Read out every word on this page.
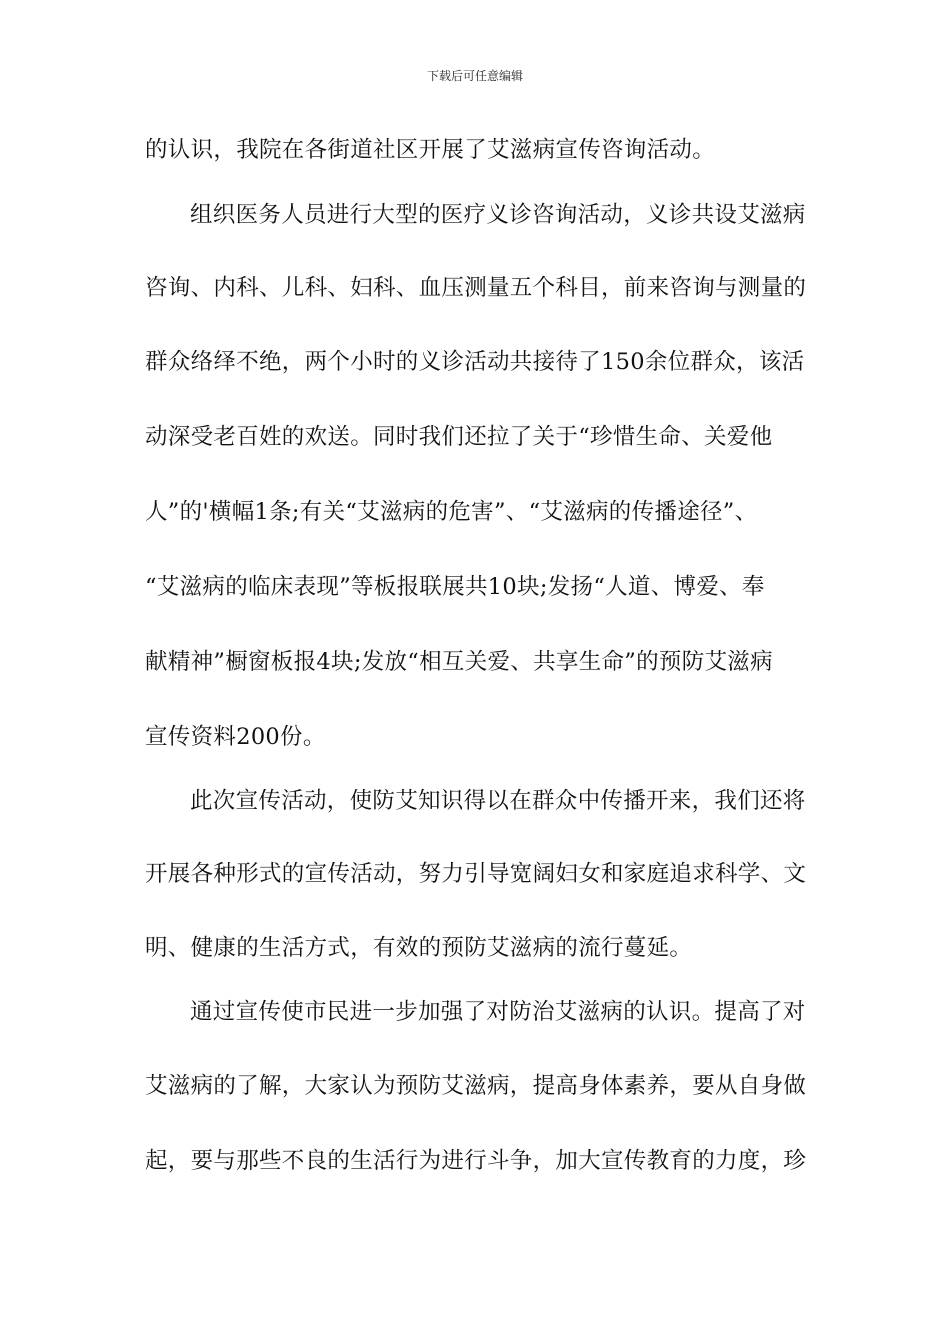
下载后可任意编辑
的认识，我院在各街道社区开展了艾滋病宣传咨询活动。
组织医务人员进行大型的医疗义诊咨询活动，义诊共设艾滋病
咨询、内科、儿科、妇科、血压测量五个科目，前来咨询与测量的
群众络绎不绝，两个小时的义诊活动共接待了150余位群众，该活
动深受老百姓的欢送。同时我们还拉了关于“珍惜生命、关爱他
人”的'横幅1条;有关“艾滋病的危害”、“艾滋病的传播途径”、
“艾滋病的临床表现”等板报联展共10块;发扬“人道、博爱、奉
献精神”橱窗板报4块;发放“相互关爱、共享生命”的预防艾滋病
宣传资料200份。
此次宣传活动，使防艾知识得以在群众中传播开来，我们还将
开展各种形式的宣传活动，努力引导宽阔妇女和家庭追求科学、文
明、健康的生活方式，有效的预防艾滋病的流行蔓延。
通过宣传使市民进一步加强了对防治艾滋病的认识。提高了对
艾滋病的了解，大家认为预防艾滋病，提高身体素养，要从自身做
起，要与那些不良的生活行为进行斗争，加大宣传教育的力度，珍
